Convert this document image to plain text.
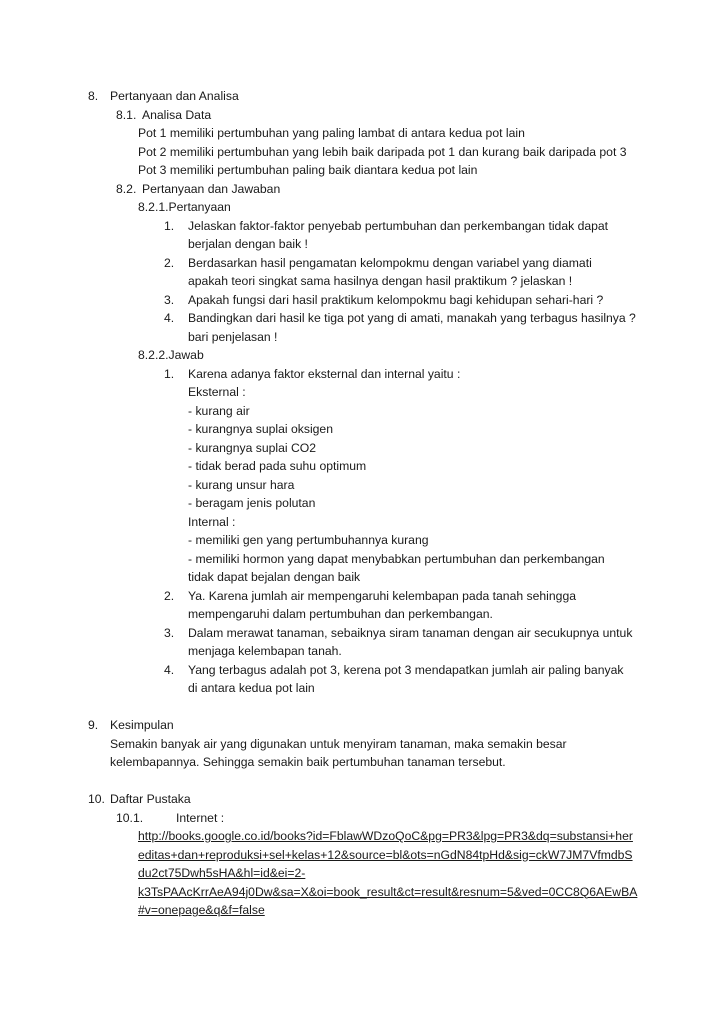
8. Pertanyaan dan Analisa
8.1. Analisa Data
Pot 1 memiliki pertumbuhan yang paling lambat di antara kedua pot lain
Pot 2 memiliki pertumbuhan yang lebih baik daripada pot 1 dan kurang baik daripada pot 3
Pot 3 memiliki pertumbuhan paling baik diantara kedua pot lain
8.2. Pertanyaan dan Jawaban
8.2.1.Pertanyaan
1. Jelaskan faktor-faktor penyebab pertumbuhan dan perkembangan tidak dapat
berjalan dengan baik !
2. Berdasarkan hasil pengamatan kelompokmu dengan variabel yang diamati
apakah teori singkat sama hasilnya dengan hasil praktikum ? jelaskan !
3. Apakah fungsi dari hasil praktikum kelompokmu bagi kehidupan sehari-hari ?
4. Bandingkan dari hasil ke tiga pot yang di amati, manakah yang terbagus hasilnya ?
bari penjelasan !
8.2.2.Jawab
1. Karena adanya faktor eksternal dan internal yaitu :
Eksternal :
- kurang air
- kurangnya suplai oksigen
- kurangnya suplai CO2
- tidak berad pada suhu optimum
- kurang unsur hara
- beragam jenis polutan
Internal :
- memiliki gen yang pertumbuhannya kurang
- memiliki hormon yang dapat menybabkan pertumbuhan dan perkembangan
tidak dapat bejalan dengan baik
2. Ya. Karena jumlah air mempengaruhi kelembapan pada tanah sehingga
mempengaruhi dalam pertumbuhan dan perkembangan.
3. Dalam merawat tanaman, sebaiknya siram tanaman dengan air secukupnya untuk
menjaga kelembapan tanah.
4. Yang terbagus adalah pot 3, kerena pot 3 mendapatkan jumlah air paling banyak
di antara kedua pot lain
9. Kesimpulan
Semakin banyak air yang digunakan untuk menyiram tanaman, maka semakin besar
kelembapannya. Sehingga semakin baik pertumbuhan tanaman tersebut.
10. Daftar Pustaka
10.1.	Internet :
http://books.google.co.id/books?id=FblawWDzoQoC&pg=PR3&lpg=PR3&dq=substansi+her
editas+dan+reproduksi+sel+kelas+12&source=bl&ots=nGdN84tpHd&sig=ckW7JM7VfmdbS
du2ct75Dwh5sHA&hl=id&ei=2-
k3TsPAAcKrrAeA94j0Dw&sa=X&oi=book_result&ct=result&resnum=5&ved=0CC8Q6AEwBA
#v=onepage&q&f=false
